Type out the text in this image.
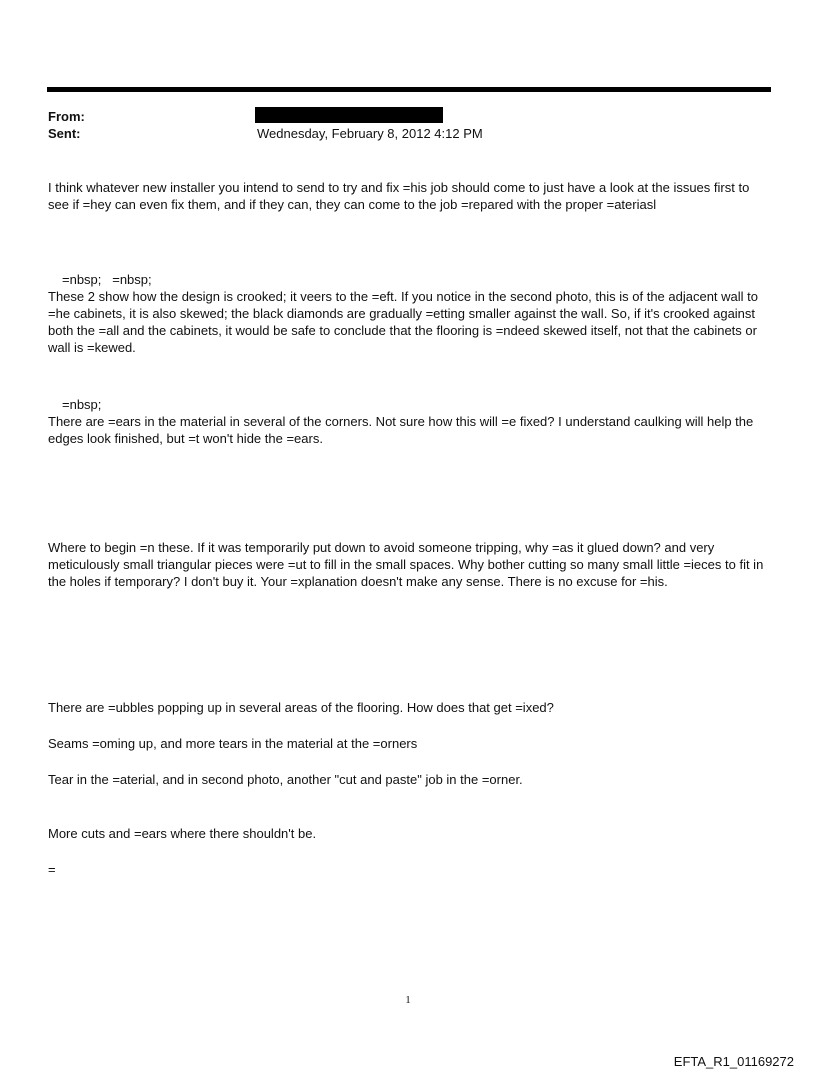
From:
Sent:	Wednesday, February 8, 2012 4:12 PM

I think whatever new installer you intend to send to try and fix =his job should come to just have a look at the issues first to see if =hey can even fix them, and if they can, they can come to the job =repared with the proper =ateriasl

=nbsp;   =nbsp;

These 2 show how the design is crooked; it veers to the =eft. If you notice in the second photo, this is of the adjacent wall to =he cabinets, it is also skewed; the black diamonds are gradually =etting smaller against the wall. So, if it's crooked against both the =all and the cabinets, it would be safe to conclude that the flooring is =ndeed skewed itself, not that the cabinets or wall is =kewed.

=nbsp;

There are =ears in the material in several of the corners. Not sure how this will =e fixed? I understand caulking will help the edges look finished, but =t won't hide the =ears.

Where to begin =n these. If it was temporarily put down to avoid someone tripping, why =as it glued down? and very meticulously small triangular pieces were =ut to fill in the small spaces. Why bother cutting so many small little =ieces to fit in the holes if temporary? I don't buy it. Your =xplanation doesn't make any sense. There is no excuse for =his.

There are =ubbles popping up in several areas of the flooring. How does that get =ixed?

Seams =oming up, and more tears in the material at the =orners

Tear in the =aterial, and in second photo, another "cut and paste" job in the =orner.

More cuts and =ears where there shouldn't be.

=

1
EFTA_R1_01169272
